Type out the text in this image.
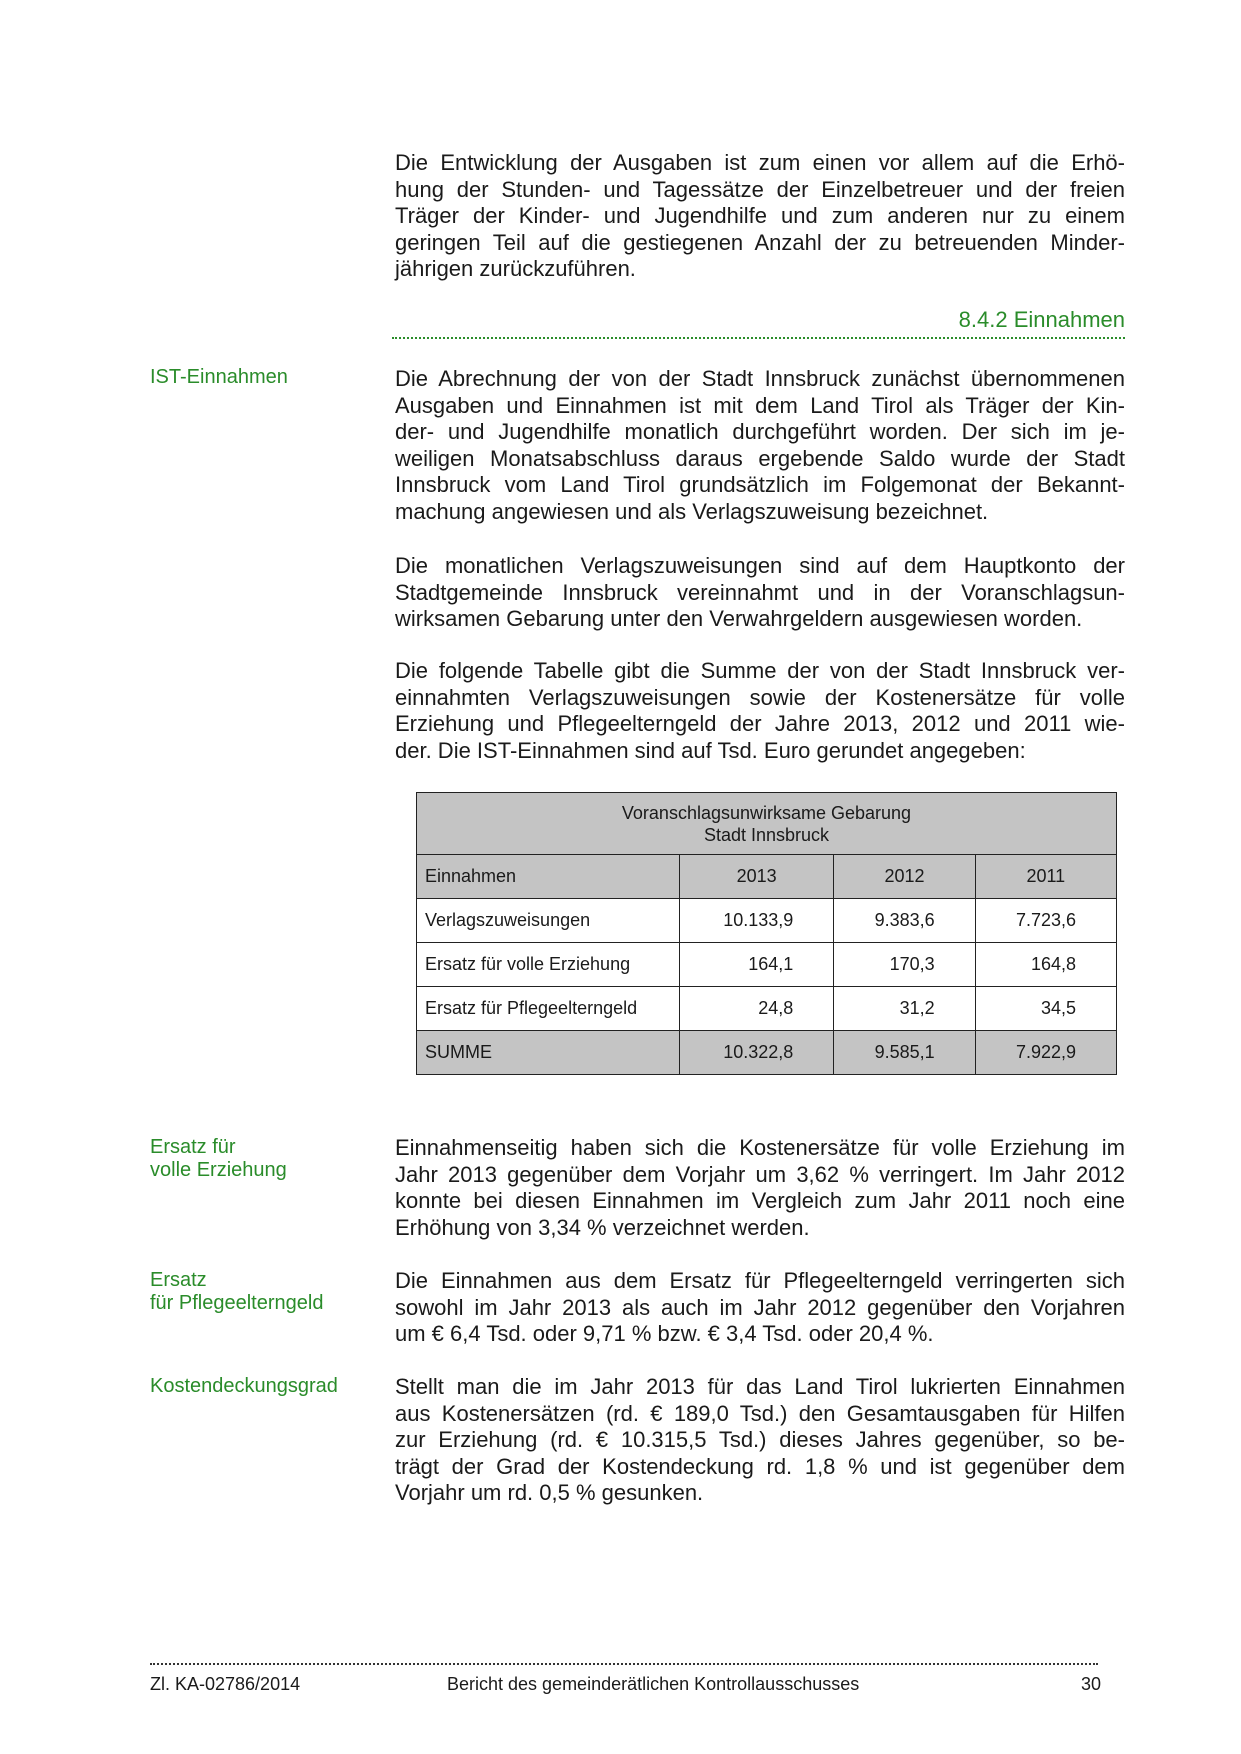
Die Entwicklung der Ausgaben ist zum einen vor allem auf die Erhö-
hung der Stunden- und Tagessätze der Einzelbetreuer und der freien
Träger der Kinder- und Jugendhilfe und zum anderen nur zu einem
geringen Teil auf die gestiegenen Anzahl der zu betreuenden Minder-
jährigen zurückzuführen.
8.4.2 Einnahmen
IST-Einnahmen	Die Abrechnung der von der Stadt Innsbruck zunächst übernommenen
Ausgaben und Einnahmen ist mit dem Land Tirol als Träger der Kin-
der- und Jugendhilfe monatlich durchgeführt worden. Der sich im je-
weiligen Monatsabschluss daraus ergebende Saldo wurde der Stadt
Innsbruck vom Land Tirol grundsätzlich im Folgemonat der Bekannt-
machung angewiesen und als Verlagszuweisung bezeichnet.
Die monatlichen Verlagszuweisungen sind auf dem Hauptkonto der
Stadtgemeinde Innsbruck vereinnahmt und in der Voranschlagsun-
wirksamen Gebarung unter den Verwahrgeldern ausgewiesen worden.
Die folgende Tabelle gibt die Summe der von der Stadt Innsbruck ver-
einnahmten Verlagszuweisungen sowie der Kostenersätze für volle
Erziehung und Pflegeelterngeld der Jahre 2013, 2012 und 2011 wie-
der. Die IST-Einnahmen sind auf Tsd. Euro gerundet angegeben:
Voranschlagsunwirksame Gebarung
Stadt Innsbruck			
Einnahmen	2013	2012	2011
Verlagszuweisungen	10.133,9	9.383,6	7.723,6
Ersatz für volle Erziehung	164,1	170,3	164,8
Ersatz für Pflegeelterngeld	24,8	31,2	34,5
SUMME	10.322,8	9.585,1	7.922,9
Ersatz für
volle Erziehung
Einnahmenseitig haben sich die Kostenersätze für volle Erziehung im
Jahr 2013 gegenüber dem Vorjahr um 3,62 % verringert. Im Jahr 2012
konnte bei diesen Einnahmen im Vergleich zum Jahr 2011 noch eine
Erhöhung von 3,34 % verzeichnet werden.
Ersatz
für Pflegeelterngeld
Die Einnahmen aus dem Ersatz für Pflegeelterngeld verringerten sich
sowohl im Jahr 2013 als auch im Jahr 2012 gegenüber den Vorjahren
um € 6,4 Tsd. oder 9,71 % bzw. € 3,4 Tsd. oder 20,4 %.
Kostendeckungsgrad	Stellt man die im Jahr 2013 für das Land Tirol lukrierten Einnahmen
aus Kostenersätzen (rd. € 189,0 Tsd.) den Gesamtausgaben für Hilfen
zur Erziehung (rd. € 10.315,5 Tsd.) dieses Jahres gegenüber, so be-
trägt der Grad der Kostendeckung rd. 1,8 % und ist gegenüber dem
Vorjahr um rd. 0,5 % gesunken.
Zl. KA-02786/2014	Bericht des gemeinderätlichen Kontrollausschusses	30
